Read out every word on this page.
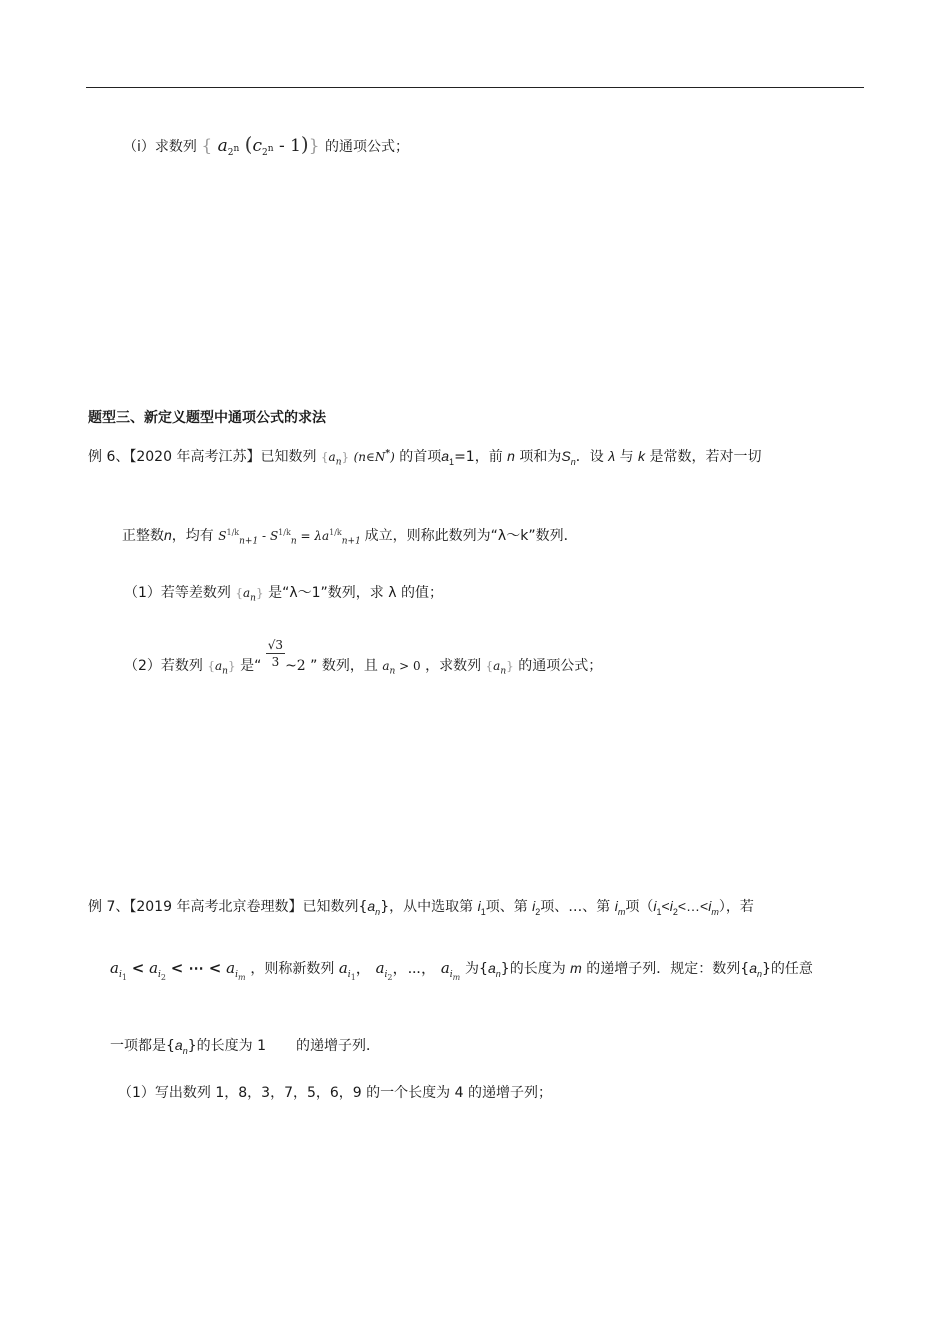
（i）求数列 { $a_{2^n}$ $(c_{2^n} - 1)$} 的通项公式；
题型三、新定义题型中通项公式的求法
例 6、【2020 年高考江苏】已知数列 $\{a_n\}$ (n∈N*) 的首项$a_1=1$，前 n 项和为$S_n$．设 λ 与 k 是常数，若对一切
正整数n，均有 $S^{1/k}_{n+1} - S^{1/k}_n = \lambda a^{1/k}_{n+1}$ 成立，则称此数列为“λ～k”数列．
（1）若等差数列 $\{a_n\}$ 是“λ～1”数列，求 λ 的值；
（2）若数列 $\{a_n\}$ 是“ $\frac{√3}{3}$ ~2 ” 数列，且 $a_n > 0$ ，求数列 $\{a_n\}$ 的通项公式；
例 7、【2019 年高考北京卷理数】已知数列$\{a_n\}$，从中选取第 $i_1$项、第 $i_2$项、…、第 $i_m$项$(i_1<i_2<\dots<i_m)$，若
$a_{i_1} < a_{i_2}$ < ⋯ < $a_{i_m}$ ，则称新数列 $a_{i_1}$， $a_{i_2}$，⋯， $a_{i_m}$ 为$\{a_n\}$的长度为 m 的递增子列．规定：数列$\{a_n\}$的任意
一项都是$\{a_n\}$的长度为 1 的递增子列．
（1）写出数列 1，8，3，7，5，6，9 的一个长度为 4 的递增子列；
